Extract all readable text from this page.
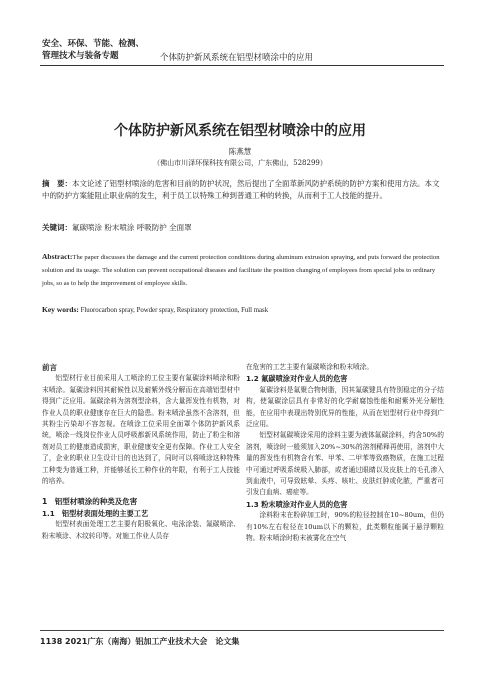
安全、环保、节能、检测、
管理技术与装备专题	个体防护新风系统在铝型材喷涂中的应用
个体防护新风系统在铝型材喷涂中的应用
陈燕慧
（佛山市川泽环保科技有限公司，广东佛山，528299）
摘　要：本文论述了铝型材喷涂的危害和目前的防护状况，然后提出了全面革新风防护系统的防护方案和使用方法。本文中的防护方案能阻止职业病的发生，利于员工以特殊工种到普通工种的转换，从而利于工人技能的提升。
关键词：氟碳喷涂 粉末喷涂 呼吸防护 全面罩
Abstract:The paper discusses the damage and the current protection conditions during aluminum extrusion spraying, and puts forward the protection solution and its usage. The solution can prevent occupational diseases and facilitate the position changing of employees from special jobs to ordinary jobs, so as to help the improvement of employee skills.
Key words: Fluorocarbon spray, Powder spray, Respiratory protection, Full mask

前言

铝型材行业目前采用人工喷涂的工位主要有氟碳涂料喷涂和粉末喷涂。氟碳涂料因其耐候性以及耐紫外线分解而在高端铝型材中得到广泛应用。氟碳涂料为溶剂型涂料，含大量挥发性有机物，对作业人员的职业健康存在巨大的隐患。粉末喷涂虽然不含溶剂，但其粉尘污染却不容忽视。在喷涂工位采用全面罩个体防护新风系统，喷涂一线岗位作业人员呼吸都新风系统作用，防止了粉尘和溶剂对员工的健康造成损害，职业健康安全更有保障。作业工人安全了，企业的职业卫生设计目的也达到了，同时可以将喷涂这种特殊工种变为普通工种，并能够延长工种作业的年限，有利于工人技能的培养。

1　铝型材喷涂的种类及危害

1.1　铝型材表面处理的主要工艺

铝型材表面处理工艺主要有阳极氧化、电泳涂装、氟碳喷涂、粉末喷涂、木纹转印等。对施工作业人员存

在危害的工艺主要有氟碳喷涂和粉末喷涂。

1.2 氟碳喷涂对作业人员的危害

氟碳涂料是氟聚合物树脂，因其氟碳键具有特别稳定的分子结构，使氟碳涂层具有非常好的化学耐腐蚀性能和耐紫外光分解性能，在应用中表现出特别优异的性能，从而在铝型材行业中得到广泛应用。

铝型材氟碳喷涂采用的涂料主要为液体氟碳涂料，约含50%的溶剂，喷涂时一般须加入20%~30%的溶剂稀释再使用，溶剂中大量的挥发性有机物含有苯、甲苯、二甲苯等致癌物质，在施工过程中可通过呼吸系统吸入肺部，或者通过眼睛以及皮肤上的毛孔渗入到血液中，可导致眩晕、头疼、咳吐、皮肤红肿或化脓，严重者可引发白血病、癌症等。

1.3 粉末喷涂对作业人员的危害

涂料粉末在粉碎加工时，90%的粒径控制在10~80um，但仍有10%左右粒径在10um以下的颗粒，此类颗粒能属于悬浮颗粒物。粉末喷涂时粉末被雾化在空气

1138 2021广东（南海）铝加工产业技术大会　论文集
